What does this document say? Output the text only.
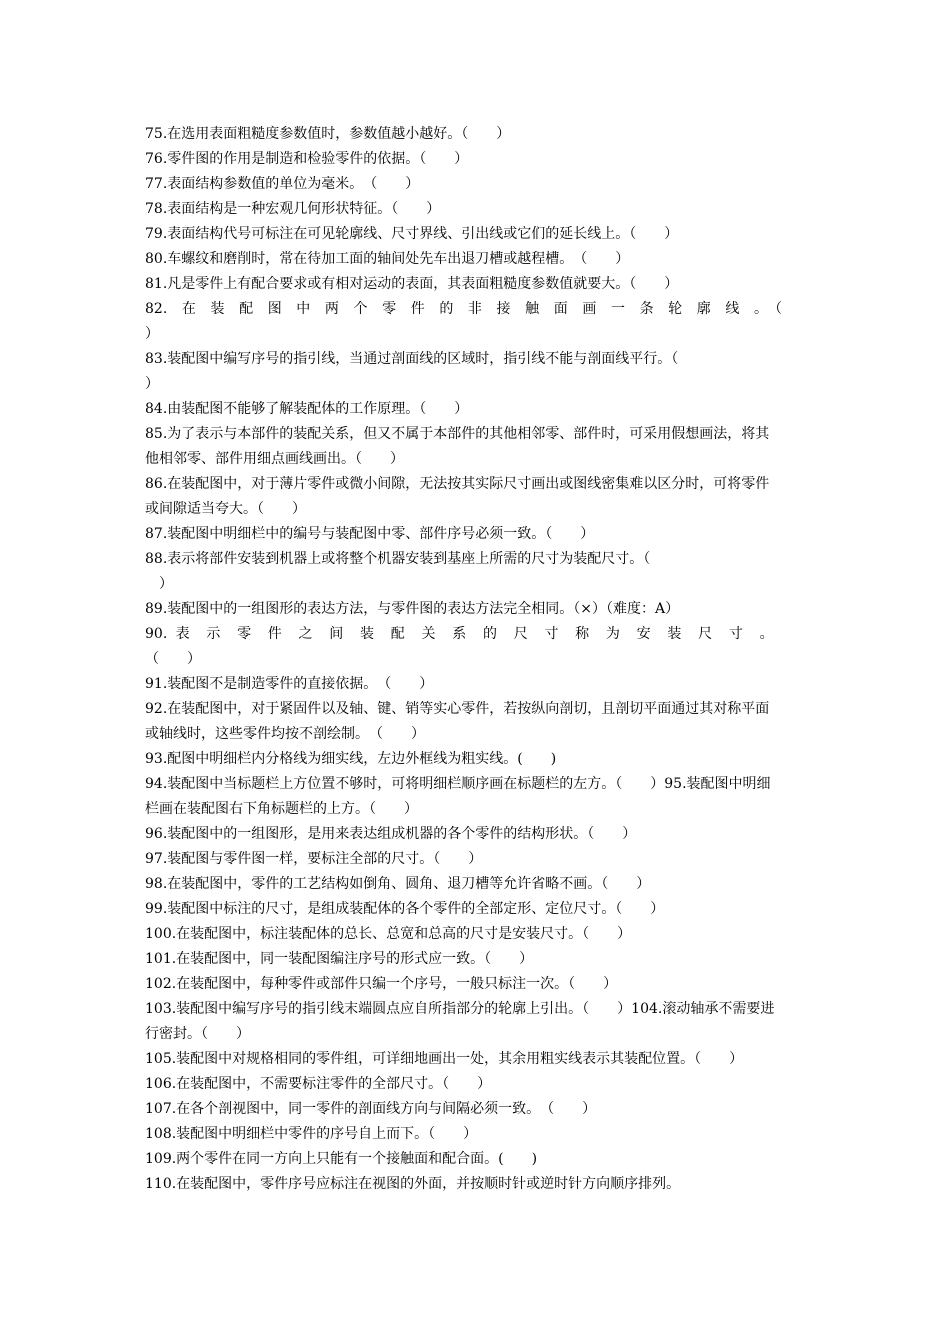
75.在选用表面粗糙度参数值时，参数值越小越好。（　　）

76.零件图的作用是制造和检验零件的依据。（　　）

77.表面结构参数值的单位为毫米。　（　　）

78.表面结构是一种宏观几何形状特征。（　　）

79.表面结构代号可标注在可见轮廓线、尺寸界线、引出线或它们的延长线上。（　　）

80.车螺纹和磨削时，常在待加工面的轴间处先车出退刀槽或越程槽。　（　　）

81.凡是零件上有配合要求或有相对运动的表面，其表面粗糙度参数值就要大。（　　）

82.在装配图中两个零件的非接触面画一条轮廓线。 （

）

83.装配图中编写序号的指引线，当通过剖面线的区域时，指引线不能与剖面线平行。（

）

84.由装配图不能够了解装配体的工作原理。（　　）

85.为了表示与本部件的装配关系，但又不属于本部件的其他相邻零、部件时，可采用假想画法，将其他相邻零、部件用细点画线画出。（　　）

86.在装配图中，对于薄片零件或微小间隙，无法按其实际尺寸画出或图线密集难以区分时，可将零件或间隙适当夸大。（　　）

87.装配图中明细栏中的编号与装配图中零、部件序号必须一致。（　　）

88.表示将部件安装到机器上或将整个机器安装到基座上所需的尺寸为装配尺寸。（

　）

89.装配图中的一组图形的表达方法，与零件图的表达方法完全相同。（×）（难度：A）

90.表示零件之间装配关系的尺寸称为安装尺寸。

（　　）

91.装配图不是制造零件的直接依据。　（　　）

92.在装配图中，对于紧固件以及轴、键、销等实心零件，若按纵向剖切，且剖切平面通过其对称平面或轴线时，这些零件均按不剖绘制。　（　　）

93.配图中明细栏内分格线为细实线，左边外框线为粗实线。(　　)

94.装配图中当标题栏上方位置不够时，可将明细栏顺序画在标题栏的左方。（　　）95.装配图中明细栏画在装配图右下角标题栏的上方。（　　）

96.装配图中的一组图形，是用来表达组成机器的各个零件的结构形状。（　　）

97.装配图与零件图一样，要标注全部的尺寸。（　　）

98.在装配图中，零件的工艺结构如倒角、圆角、退刀槽等允许省略不画。（　　）

99.装配图中标注的尺寸，是组成装配体的各个零件的全部定形、定位尺寸。（　　）

100.在装配图中，标注装配体的总长、总宽和总高的尺寸是安装尺寸。（　　）

101.在装配图中，同一装配图编注序号的形式应一致。（　　）

102.在装配图中，每种零件或部件只编一个序号，一般只标注一次。（　　）

103.装配图中编写序号的指引线末端圆点应自所指部分的轮廓上引出。（　　）104.滚动轴承不需要进行密封。（　　）

105.装配图中对规格相同的零件组，可详细地画出一处，其余用粗实线表示其装配位置。（　　）

106.在装配图中，不需要标注零件的全部尺寸。（　　）

107.在各个剖视图中，同一零件的剖面线方向与间隔必须一致。　（　　）

108.装配图中明细栏中零件的序号自上而下。（　　）

109.两个零件在同一方向上只能有一个接触面和配合面。(　　)

110.在装配图中，零件序号应标注在视图的外面，并按顺时针或逆时针方向顺序排列。
